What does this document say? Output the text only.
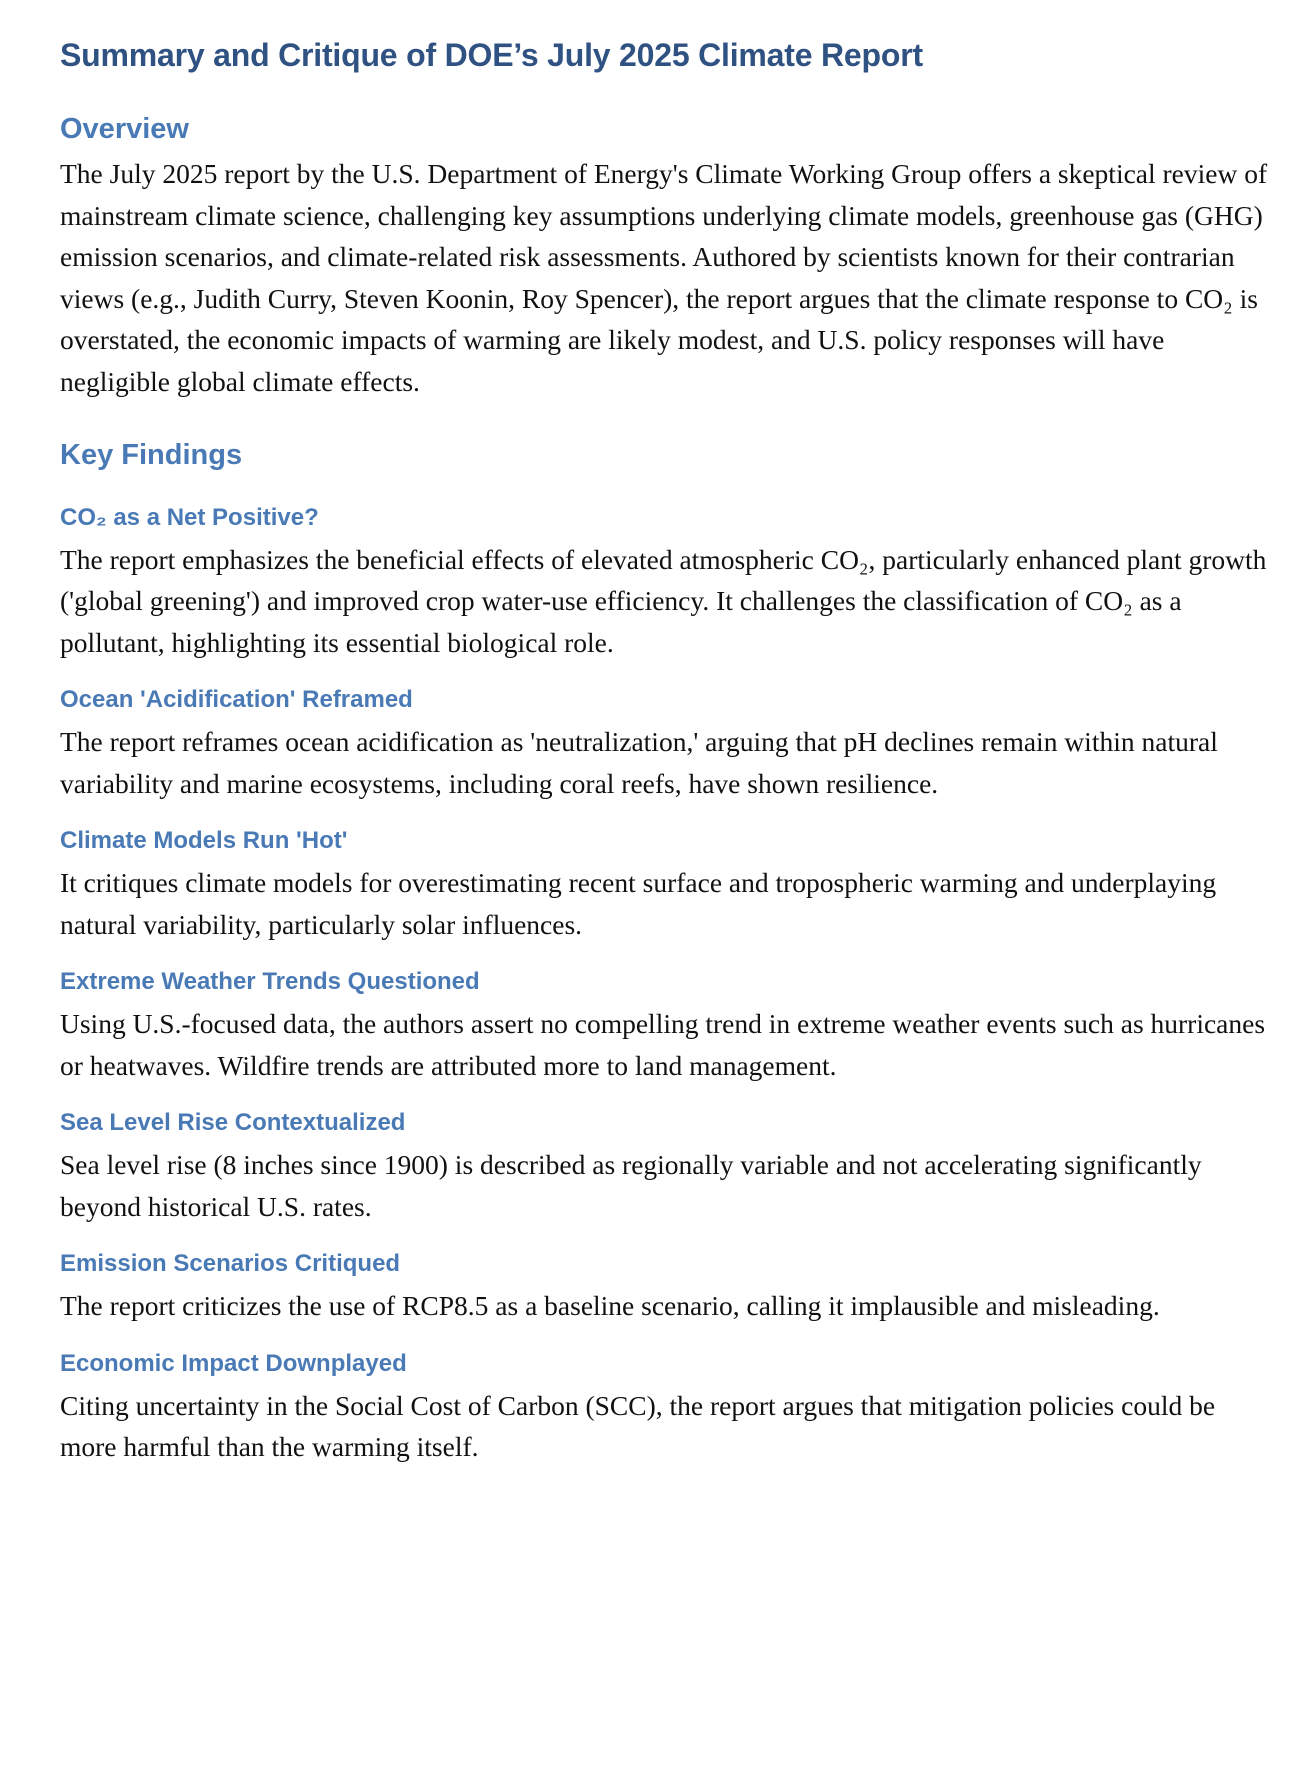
Summary and Critique of DOE’s July 2025 Climate Report
Overview

The July 2025 report by the U.S. Department of Energy's Climate Working Group offers a skeptical review of mainstream climate science, challenging key assumptions underlying climate models, greenhouse gas (GHG) emission scenarios, and climate-related risk assessments. Authored by scientists known for their contrarian views (e.g., Judith Curry, Steven Koonin, Roy Spencer), the report argues that the climate response to CO₂ is overstated, the economic impacts of warming are likely modest, and U.S. policy responses will have negligible global climate effects.

Key Findings
CO₂ as a Net Positive?

The report emphasizes the beneficial effects of elevated atmospheric CO₂, particularly enhanced plant growth ('global greening') and improved crop water-use efficiency. It challenges the classification of CO₂ as a pollutant, highlighting its essential biological role.

Ocean 'Acidification' Reframed

The report reframes ocean acidification as 'neutralization,' arguing that pH declines remain within natural variability and marine ecosystems, including coral reefs, have shown resilience.

Climate Models Run 'Hot'

It critiques climate models for overestimating recent surface and tropospheric warming and underplaying natural variability, particularly solar influences.

Extreme Weather Trends Questioned

Using U.S.-focused data, the authors assert no compelling trend in extreme weather events such as hurricanes or heatwaves. Wildfire trends are attributed more to land management.

Sea Level Rise Contextualized

Sea level rise (8 inches since 1900) is described as regionally variable and not accelerating significantly beyond historical U.S. rates.

Emission Scenarios Critiqued

The report criticizes the use of RCP8.5 as a baseline scenario, calling it implausible and misleading.

Economic Impact Downplayed

Citing uncertainty in the Social Cost of Carbon (SCC), the report argues that mitigation policies could be more harmful than the warming itself.
